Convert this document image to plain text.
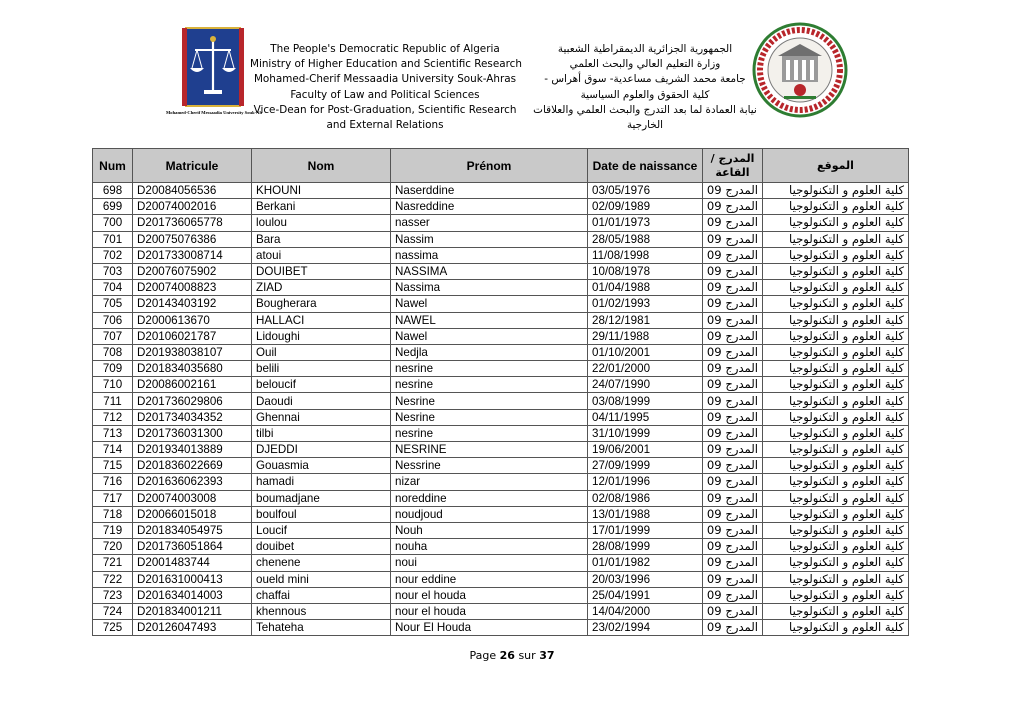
Mohamed-Cherif Messaadia University Souk-Ah
The People's Democratic Republic of Algeria
Ministry of Higher Education and Scientific Research
Mohamed-Cherif Messaadia University Souk-Ahras
Faculty of Law and Political Sciences
Vice-Dean for Post-Graduation, Scientific Research
and External Relations
الجمهورية الجزائرية الديمقراطية الشعبية
وزارة التعليم العالي والبحث العلمي
جامعة محمد الشريف مساعدية- سوق أهراس -
كلية الحقوق والعلوم السياسية
نيابة العمادة لما بعد التدرج والبحث العلمي والعلاقات
الخارجية
Num	Matricule	Nom	Prénom	Date de naissance	المدرج / القاعة	الموقع
698	D20084056536	KHOUNI	Naserddine	03/05/1976	المدرج 09	كلية العلوم و التكنولوجيا
699	D20074002016	Berkani	Nasreddine	02/09/1989	المدرج 09	كلية العلوم و التكنولوجيا
700	D201736065778	loulou	nasser	01/01/1973	المدرج 09	كلية العلوم و التكنولوجيا
701	D20075076386	Bara	Nassim	28/05/1988	المدرج 09	كلية العلوم و التكنولوجيا
702	D201733008714	atoui	nassima	11/08/1998	المدرج 09	كلية العلوم و التكنولوجيا
703	D20076075902	DOUIBET	NASSIMA	10/08/1978	المدرج 09	كلية العلوم و التكنولوجيا
704	D20074008823	ZIAD	Nassima	01/04/1988	المدرج 09	كلية العلوم و التكنولوجيا
705	D20143403192	Bougherara	Nawel	01/02/1993	المدرج 09	كلية العلوم و التكنولوجيا
706	D2000613670	HALLACI	NAWEL	28/12/1981	المدرج 09	كلية العلوم و التكنولوجيا
707	D20106021787	Lidoughi	Nawel	29/11/1988	المدرج 09	كلية العلوم و التكنولوجيا
708	D201938038107	Ouil	Nedjla	01/10/2001	المدرج 09	كلية العلوم و التكنولوجيا
709	D201834035680	belili	nesrine	22/01/2000	المدرج 09	كلية العلوم و التكنولوجيا
710	D20086002161	beloucif	nesrine	24/07/1990	المدرج 09	كلية العلوم و التكنولوجيا
711	D201736029806	Daoudi	Nesrine	03/08/1999	المدرج 09	كلية العلوم و التكنولوجيا
712	D201734034352	Ghennai	Nesrine	04/11/1995	المدرج 09	كلية العلوم و التكنولوجيا
713	D201736031300	tilbi	nesrine	31/10/1999	المدرج 09	كلية العلوم و التكنولوجيا
714	D201934013889	DJEDDI	NESRINE	19/06/2001	المدرج 09	كلية العلوم و التكنولوجيا
715	D201836022669	Gouasmia	Nessrine	27/09/1999	المدرج 09	كلية العلوم و التكنولوجيا
716	D201636062393	hamadi	nizar	12/01/1996	المدرج 09	كلية العلوم و التكنولوجيا
717	D20074003008	boumadjane	noreddine	02/08/1986	المدرج 09	كلية العلوم و التكنولوجيا
718	D20066015018	boulfoul	noudjoud	13/01/1988	المدرج 09	كلية العلوم و التكنولوجيا
719	D201834054975	Loucif	Nouh	17/01/1999	المدرج 09	كلية العلوم و التكنولوجيا
720	D201736051864	douibet	nouha	28/08/1999	المدرج 09	كلية العلوم و التكنولوجيا
721	D2001483744	chenene	noui	01/01/1982	المدرج 09	كلية العلوم و التكنولوجيا
722	D201631000413	oueld mini	nour eddine	20/03/1996	المدرج 09	كلية العلوم و التكنولوجيا
723	D201634014003	chaffai	nour el houda	25/04/1991	المدرج 09	كلية العلوم و التكنولوجيا
724	D201834001211	khennous	nour el houda	14/04/2000	المدرج 09	كلية العلوم و التكنولوجيا
725	D20126047493	Tehateha	Nour El Houda	23/02/1994	المدرج 09	كلية العلوم و التكنولوجيا
Page 26 sur 37
